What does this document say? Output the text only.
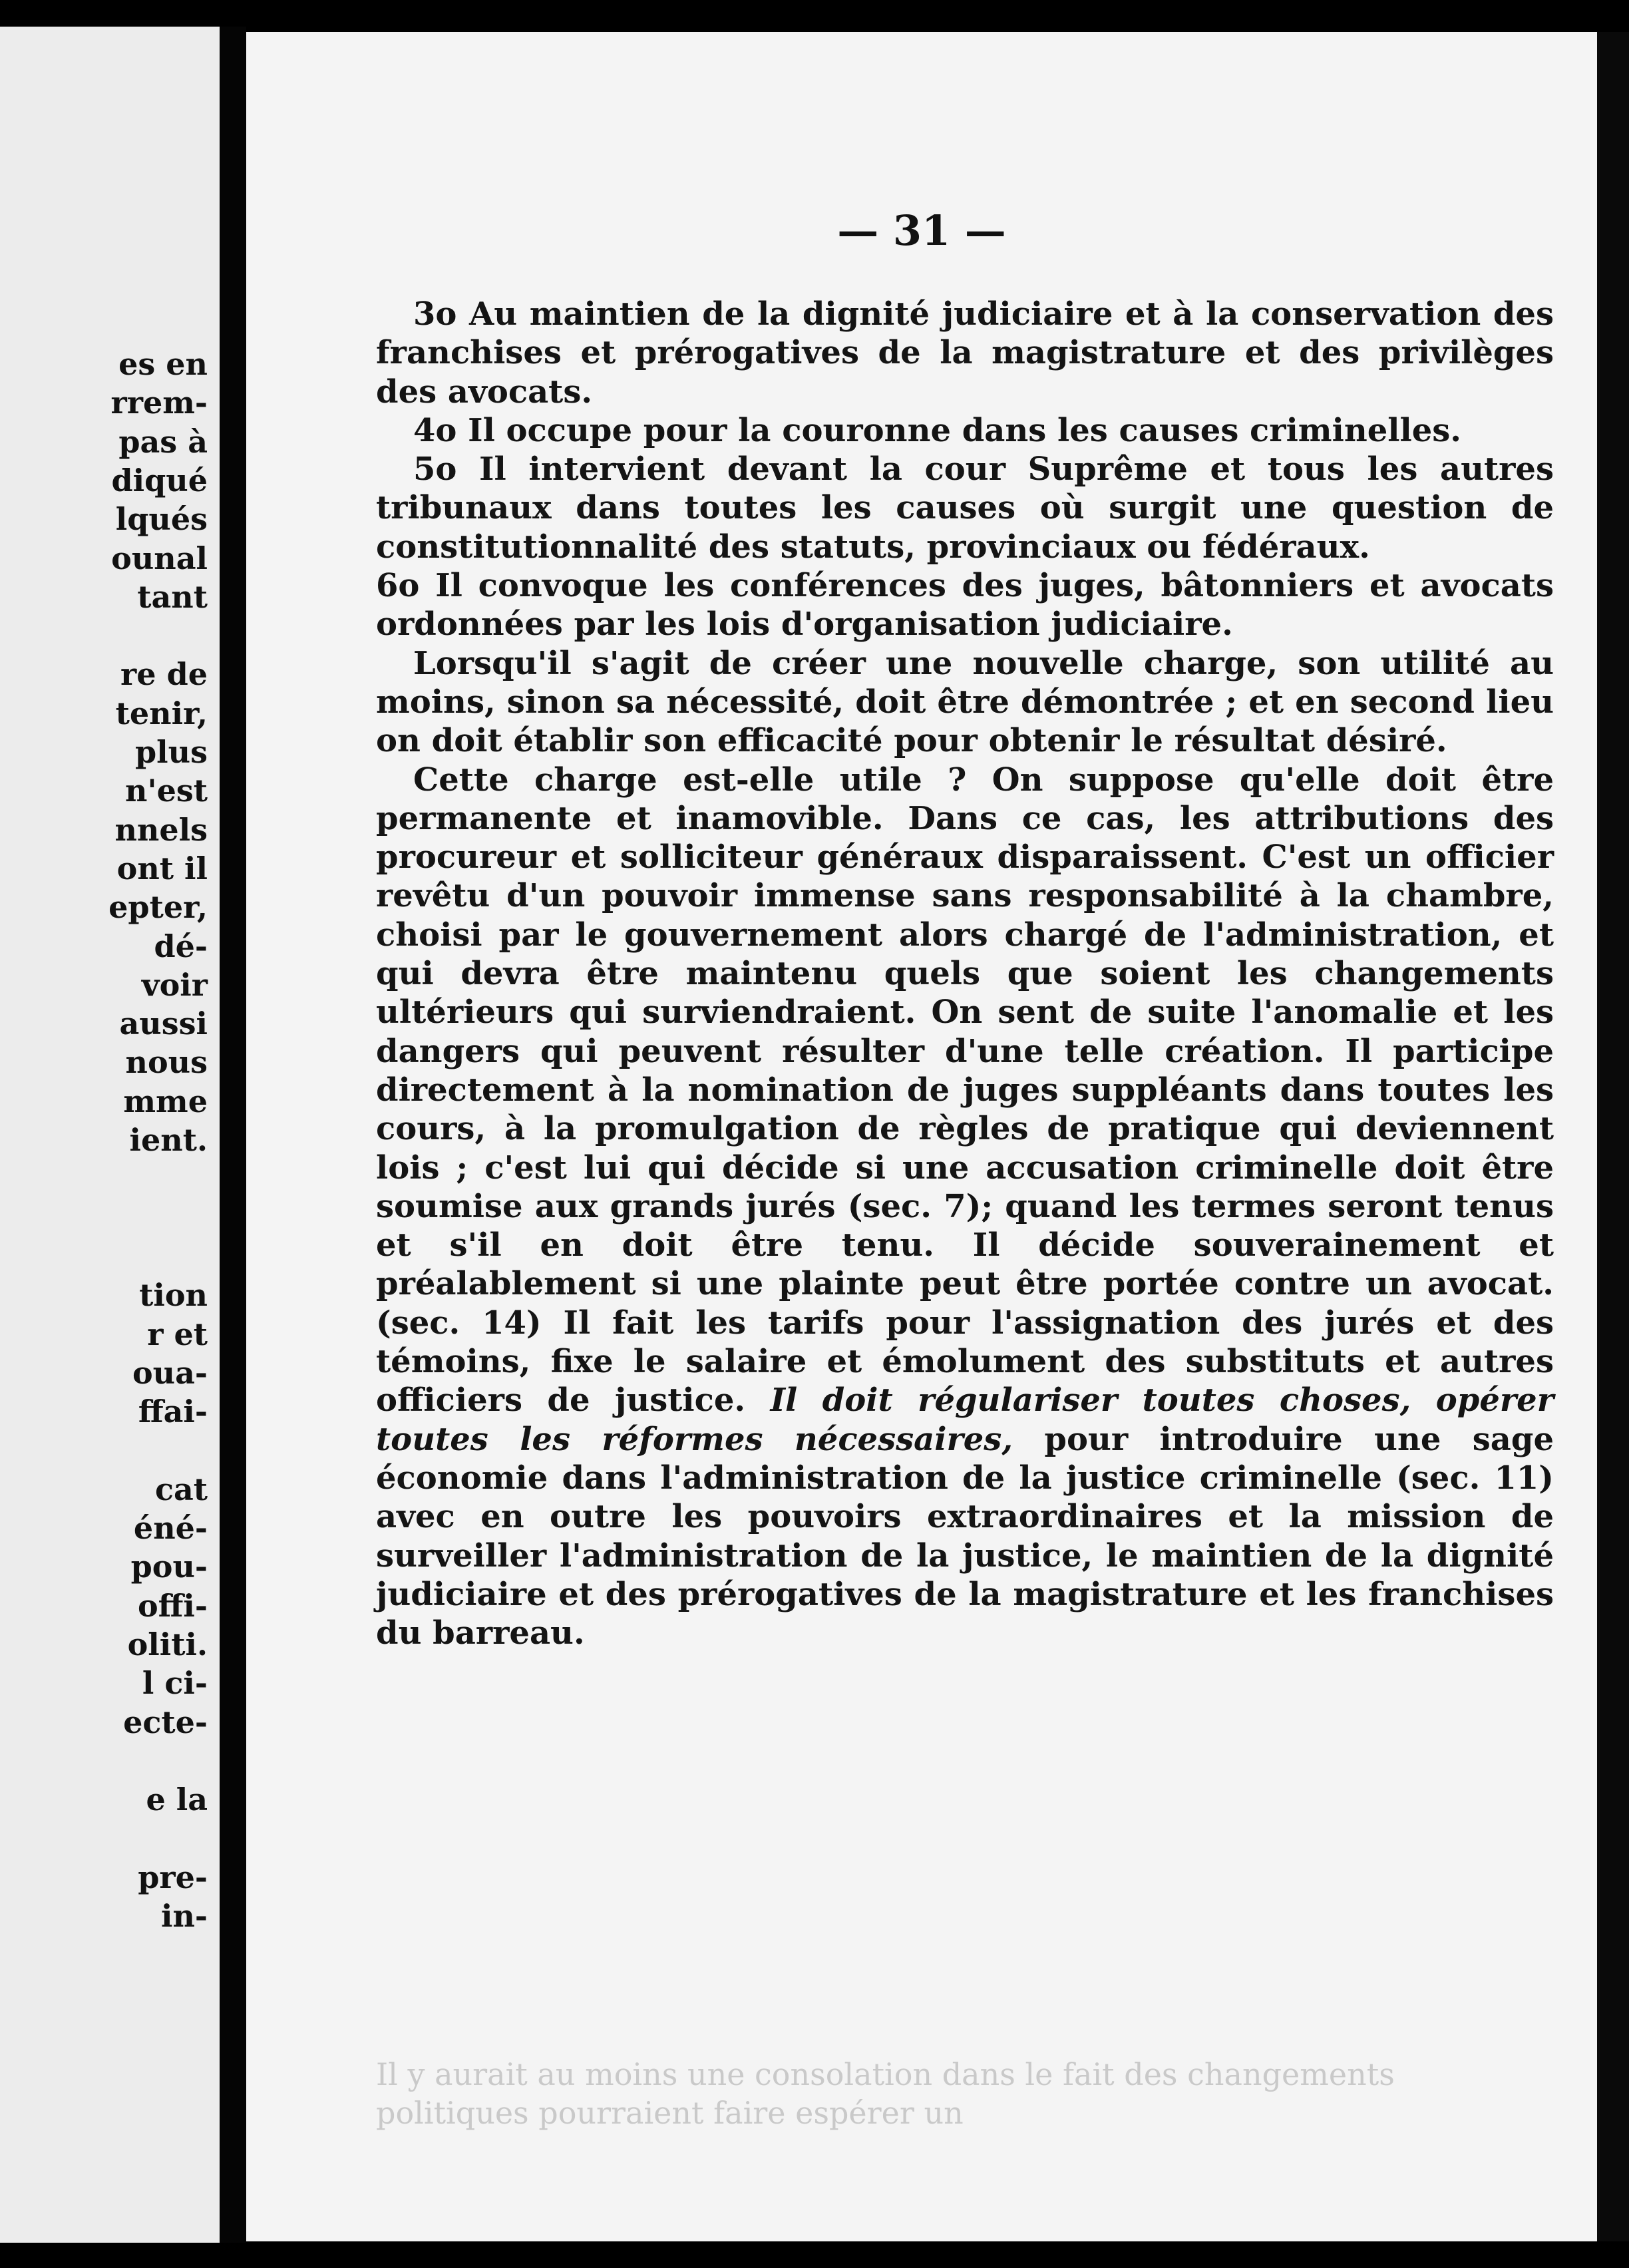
es en
rrem-
pas à
diqué
lqués
ounal
tant
re de
tenir,
plus
n'est
nnels
ont il
epter,
dé-
voir
aussi
nous
mme
ient.
tion
r et
oua-
ffai-
cat
éné-
pou-
offi-
oliti.
l ci-
ecte-
e la
pre-
in-
— 31 —

3o Au maintien de la dignité judiciaire et à la conservation des franchises et prérogatives de la magistrature et des privilèges des avocats.

4o Il occupe pour la couronne dans les causes criminelles.

5o Il intervient devant la cour Suprême et tous les autres tribunaux dans toutes les causes où surgit une question de constitutionnalité des statuts, provinciaux ou fédéraux.

6o Il convoque les conférences des juges, bâtonniers et avocats ordonnées par les lois d'organisation judiciaire.

Lorsqu'il s'agit de créer une nouvelle charge, son utilité au moins, sinon sa nécessité, doit être démontrée ; et en second lieu on doit établir son efficacité pour obtenir le résultat désiré.

Cette charge est-elle utile ? On suppose qu'elle doit être permanente et inamovible. Dans ce cas, les attributions des procureur et solliciteur généraux disparaissent. C'est un officier revêtu d'un pouvoir immense sans responsabilité à la chambre, choisi par le gouvernement alors chargé de l'administration, et qui devra être maintenu quels que soient les changements ultérieurs qui surviendraient. On sent de suite l'anomalie et les dangers qui peuvent résulter d'une telle création. Il participe directement à la nomination de juges suppléants dans toutes les cours, à la promulgation de règles de pratique qui deviennent lois ; c'est lui qui décide si une accusation criminelle doit être soumise aux grands jurés (sec. 7); quand les termes seront tenus et s'il en doit être tenu. Il décide souverainement et préalablement si une plainte peut être portée contre un avocat. (sec. 14) Il fait les tarifs pour l'assignation des jurés et des témoins, fixe le salaire et émolument des substituts et autres officiers de justice. Il doit régulariser toutes choses, opérer toutes les réformes nécessaires, pour introduire une sage économie dans l'administration de la justice criminelle (sec. 11) avec en outre les pouvoirs extraordinaires et la mission de surveiller l'administration de la justice, le maintien de la dignité judiciaire et des prérogatives de la magistrature et les franchises du barreau.

Il y aurait au moins une consolation dans le fait des changements politiques pourraient faire espérer un
